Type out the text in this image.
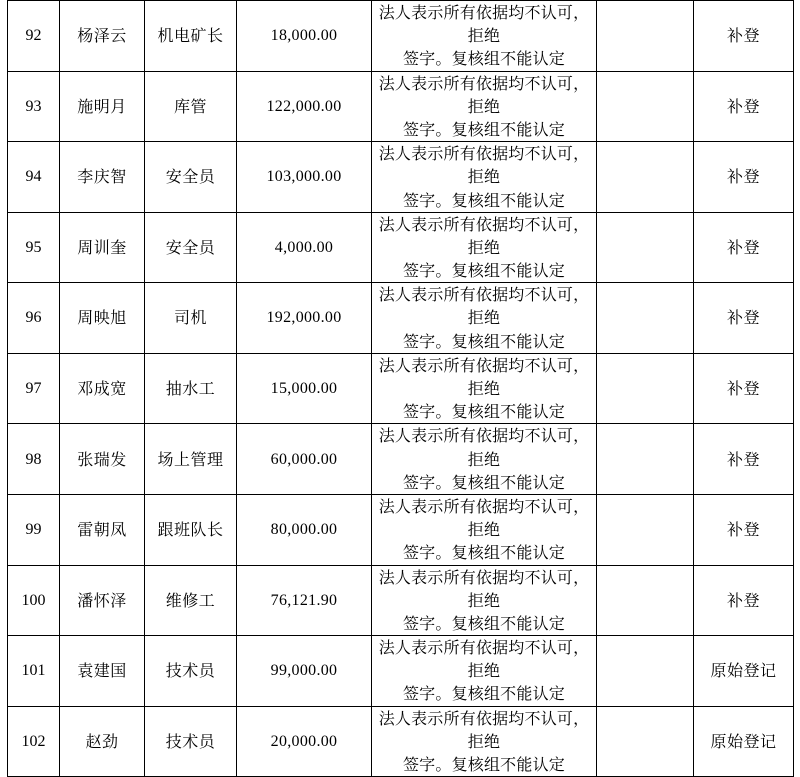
92	杨泽云	机电矿长	18,000.00	法人表示所有依据均不认可，拒绝
签字。复核组不能认定		补登
93	施明月	库管	122,000.00	法人表示所有依据均不认可，拒绝
签字。复核组不能认定		补登
94	李庆智	安全员	103,000.00	法人表示所有依据均不认可，拒绝
签字。复核组不能认定		补登
95	周训奎	安全员	4,000.00	法人表示所有依据均不认可，拒绝
签字。复核组不能认定		补登
96	周映旭	司机	192,000.00	法人表示所有依据均不认可，拒绝
签字。复核组不能认定		补登
97	邓成宽	抽水工	15,000.00	法人表示所有依据均不认可，拒绝
签字。复核组不能认定		补登
98	张瑞发	场上管理	60,000.00	法人表示所有依据均不认可，拒绝
签字。复核组不能认定		补登
99	雷朝凤	跟班队长	80,000.00	法人表示所有依据均不认可，拒绝
签字。复核组不能认定		补登
100	潘怀泽	维修工	76,121.90	法人表示所有依据均不认可，拒绝
签字。复核组不能认定		补登
101	袁建国	技术员	99,000.00	法人表示所有依据均不认可，拒绝
签字。复核组不能认定		原始登记
102	赵劲	技术员	20,000.00	法人表示所有依据均不认可，拒绝
签字。复核组不能认定		原始登记
